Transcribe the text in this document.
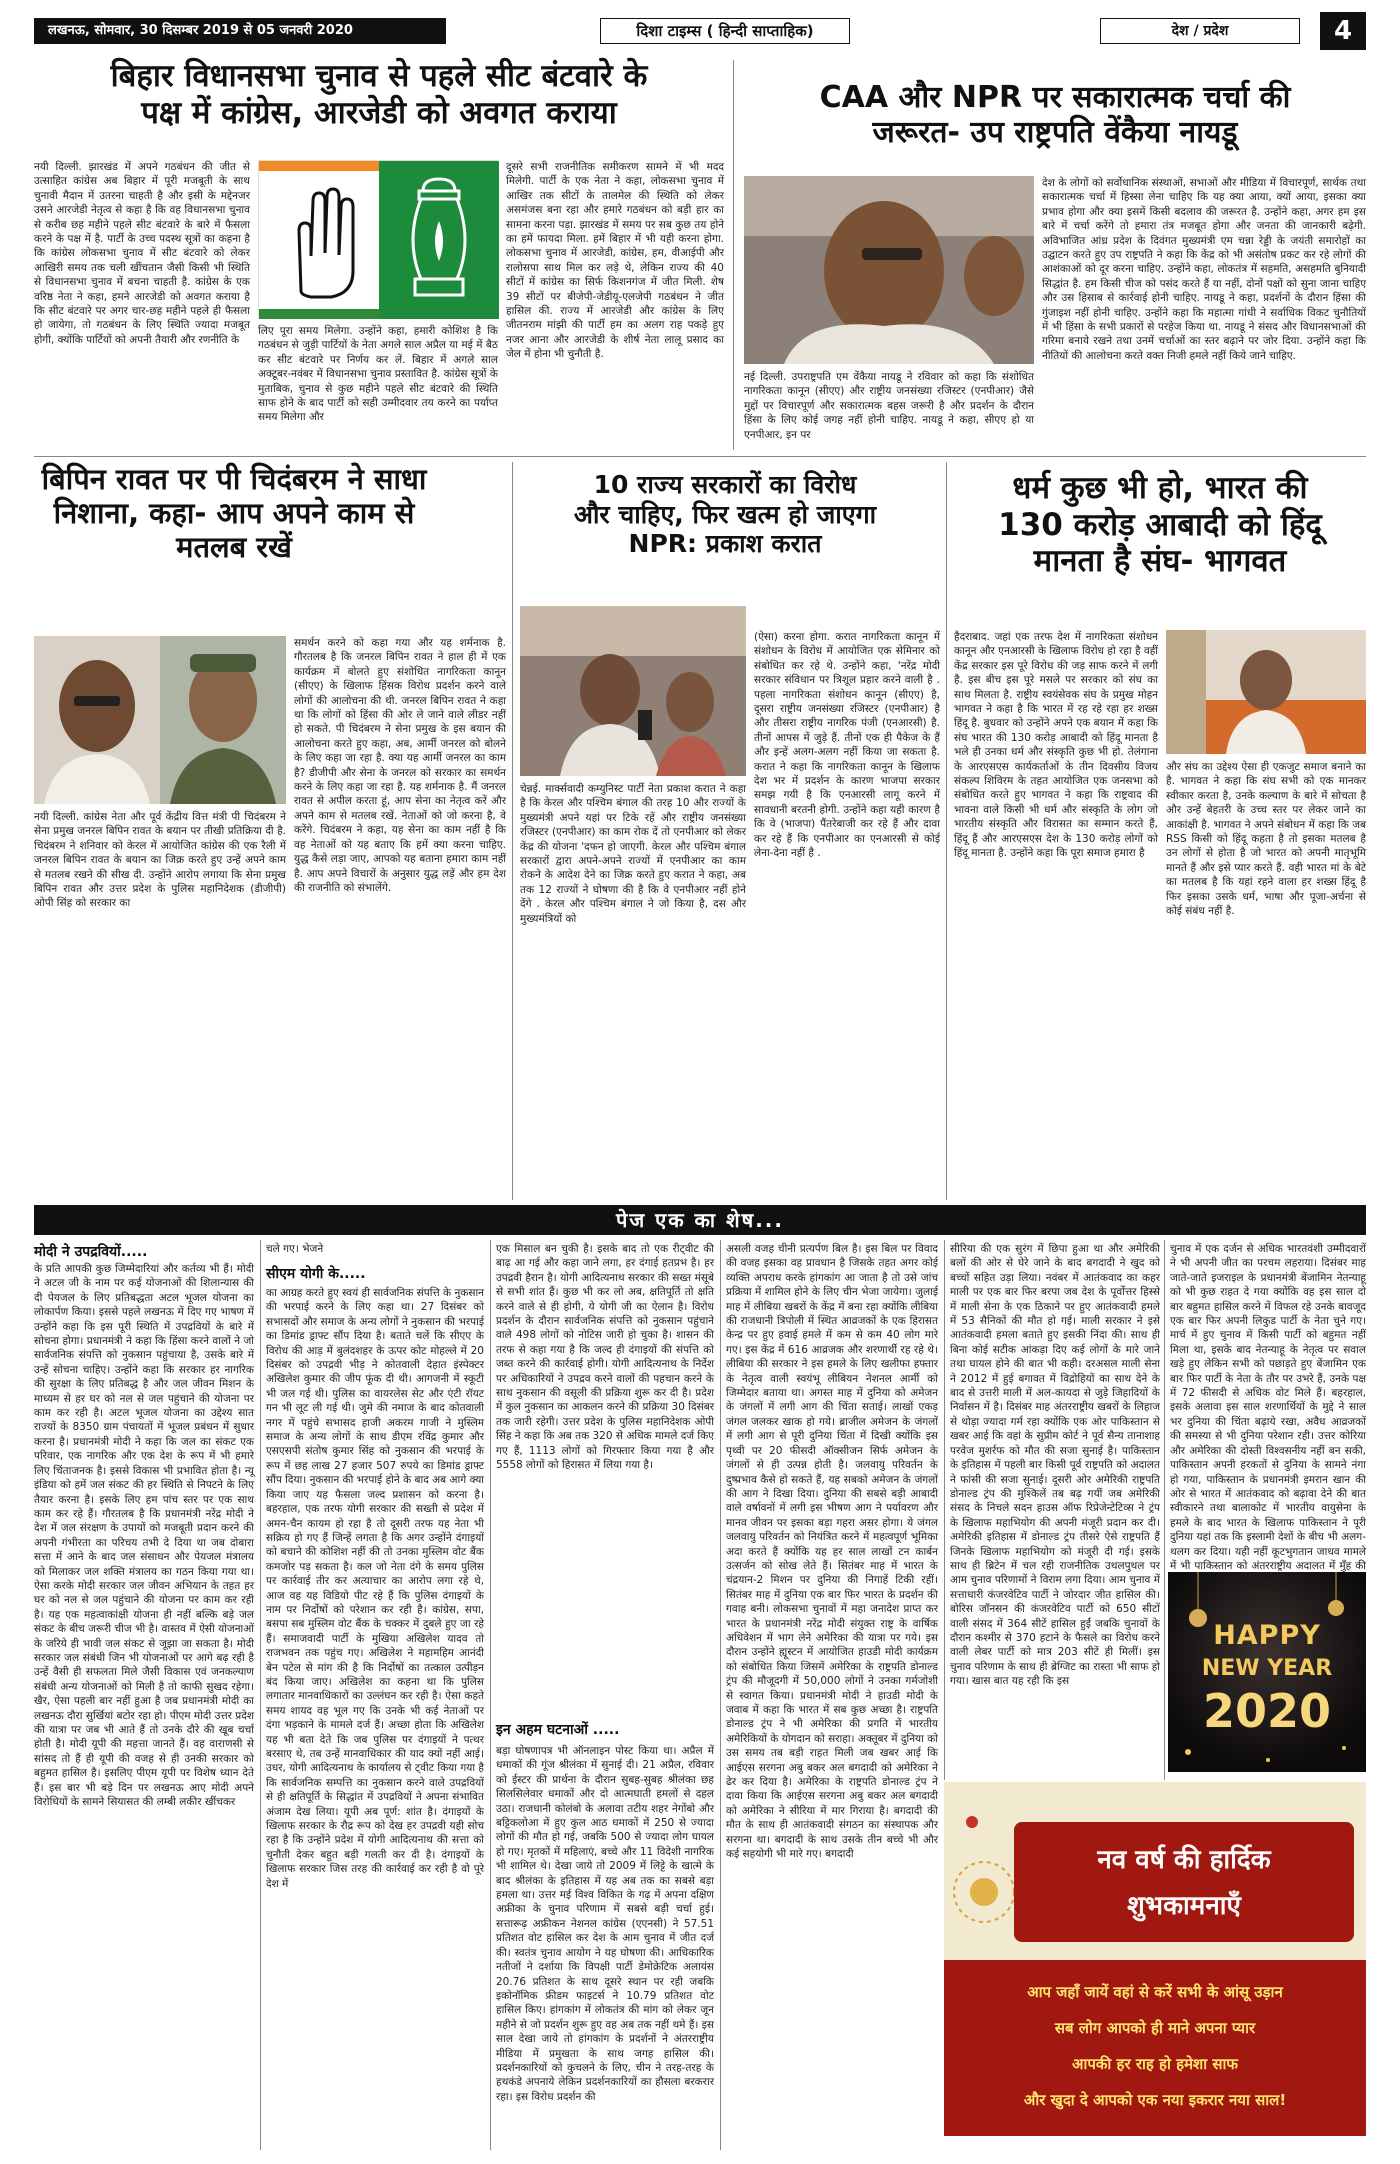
लखनऊ, सोमवार, 30 दिसम्बर 2019 से 05 जनवरी 2020	दिशा टाइम्स ( हिन्दी साप्ताहिक)	देश / प्रदेश	4
बिहार विधानसभा चुनाव से पहले सीट बंटवारे के
पक्ष में कांग्रेस, आरजेडी को अवगत कराया
नयी दिल्ली. झारखंड में अपने गठबंधन की जीत से उत्साहित कांग्रेस अब बिहार में पूरी मजबूती के साथ चुनावी मैदान में उतरना चाहती है और इसी के मद्देनजर उसने आरजेडी नेतृत्व से कहा है कि वह विधानसभा चुनाव से करीब छह महीने पहले सीट बंटवारे के बारे में फैसला करने के पक्ष में है. पार्टी के उच्च पदस्थ सूत्रों का कहना है कि कांग्रेस लोकसभा चुनाव में सीट बंटवारे को लेकर आखिरी समय तक चली खींचतान जैसी किसी भी स्थिति से विधानसभा चुनाव में बचना चाहती है. कांग्रेस के एक वरिष्ठ नेता ने कहा, हमने आरजेडी को अवगत कराया है कि सीट बंटवारे पर अगर चार-छह महीने पहले ही फैसला हो जायेगा, तो गठबंधन के लिए स्थिति ज्यादा मजबूत होगी, क्योंकि पार्टियों को अपनी तैयारी और रणनीति के
लिए पूरा समय मिलेगा. उन्होंने कहा, हमारी कोशिश है कि गठबंधन से जुड़ी पार्टियों के नेता अगले साल अप्रैल या मई में बैठ कर सीट बंटवारे पर निर्णय कर लें. बिहार में अगले साल अक्टूबर-नवंबर में विधानसभा चुनाव प्रस्तावित है. कांग्रेस सूत्रों के मुताबिक, चुनाव से कुछ महीने पहले सीट बंटवारे की स्थिति साफ होने के बाद पार्टी को सही उम्मीदवार तय करने का पर्याप्त समय मिलेगा और
दूसरे सभी राजनीतिक समीकरण सामने में भी मदद मिलेगी. पार्टी के एक नेता ने कहा, लोकसभा चुनाव में आखिर तक सीटों के तालमेल की स्थिति को लेकर असमंजस बना रहा और हमारे गठबंधन को बड़ी हार का सामना करना पड़ा. झारखंड में समय पर सब कुछ तय होने का हमें फायदा मिला. हमें बिहार में भी यही करना होगा. लोकसभा चुनाव में आरजेडी, कांग्रेस, हम, वीआईपी और रालोसपा साथ मिल कर लड़े थे, लेकिन राज्य की 40 सीटों में कांग्रेस का सिर्फ किशनगंज में जीत मिली. शेष 39 सीटों पर बीजेपी-जेडीयू-एलजेपी गठबंधन ने जीत हासिल की. राज्य में आरजेडी और कांग्रेस के लिए जीतनराम मांझी की पार्टी हम का अलग राह पकड़े हुए नजर आना और आरजेडी के शीर्ष नेता लालू प्रसाद का जेल में होना भी चुनौती है.
CAA और NPR पर सकारात्मक चर्चा की
जरूरत- उप राष्ट्रपति वेंकैया नायडू
नई दिल्ली. उपराष्ट्रपति एम वेंकैया नायडू ने रविवार को कहा कि संशोधित नागरिकता कानून (सीएए) और राष्ट्रीय जनसंख्या रजिस्टर (एनपीआर) जैसे मुद्दों पर विचारपूर्ण और सकारात्मक बहस जरूरी है और प्रदर्शन के दौरान हिंसा के लिए कोई जगह नहीं होनी चाहिए. नायडू ने कहा, सीएए हो या एनपीआर, इन पर
देश के लोगों को सर्वोधानिक संस्थाओं, सभाओं और मीडिया में विचारपूर्ण, सार्थक तथा सकारात्मक चर्चा में हिस्सा लेना चाहिए कि यह क्या आया, क्यों आया, इसका क्या प्रभाव होगा और क्या इसमें किसी बदलाव की जरूरत है. उन्होंने कहा, अगर हम इस बारे में चर्चा करेंगे तो हमारा तंत्र मजबूत होगा और जनता की जानकारी बढ़ेगी. अविभाजित आंध्र प्रदेश के दिवंगत मुख्यमंत्री एम चन्ना रेड्डी के जयंती समारोहों का उद्घाटन करते हुए उप राष्ट्रपति ने कहा कि केंद्र को भी असंतोष प्रकट कर रहे लोगों की आशंकाओं को दूर करना चाहिए. उन्होंने कहा, लोकतंत्र में सहमति, असहमति बुनियादी सिद्धांत है. हम किसी चीज को पसंद करते हैं या नहीं, दोनों पक्षों को सुना जाना चाहिए और उस हिसाब से कार्रवाई होनी चाहिए. नायडू ने कहा, प्रदर्शनों के दौरान हिंसा की गुंजाइश नहीं होनी चाहिए. उन्होंने कहा कि महात्मा गांधी ने सर्वाधिक विकट चुनौतियों में भी हिंसा के सभी प्रकारों से परहेज किया था. नायडू ने संसद और विधानसभाओं की गरिमा बनाये रखने तथा उनमें चर्चाओं का स्तर बढ़ाने पर जोर दिया. उन्होंने कहा कि नीतियों की आलोचना करते वक्त निजी हमले नहीं किये जाने चाहिए.
बिपिन रावत पर पी चिदंबरम ने साधा
निशाना, कहा- आप अपने काम से
मतलब रखें
नयी दिल्ली. कांग्रेस नेता और पूर्व केंद्रीय वित्त मंत्री पी चिदंबरम ने सेना प्रमुख जनरल बिपिन रावत के बयान पर तीखी प्रतिक्रिया दी है. चिदंबरम ने शनिवार को केरल में आयोजित कांग्रेस की एक रैली में जनरल बिपिन रावत के बयान का जिक्र करते हुए उन्हें अपने काम से मतलब रखने की सीख दी. उन्होंने आरोप लगाया कि सेना प्रमुख बिपिन रावत और उत्तर प्रदेश के पुलिस महानिदेशक (डीजीपी) ओपी सिंह को सरकार का
समर्थन करने को कहा गया और यह शर्मनाक है. गौरतलब है कि जनरल बिपिन रावत ने हाल ही में एक कार्यक्रम में बोलते हुए संशोधित नागरिकता कानून (सीएए) के खिलाफ हिंसक विरोध प्रदर्शन करने वाले लोगों की आलोचना की थी. जनरल बिपिन रावत ने कहा था कि लोगों को हिंसा की ओर ले जाने वाले लीडर नहीं हो सकते. पी चिदंबरम ने सेना प्रमुख के इस बयान की आलोचना करते हुए कहा, अब, आर्मी जनरल को बोलने के लिए कहा जा रहा है. क्या यह आर्मी जनरल का काम है? डीजीपी और सेना के जनरल को सरकार का समर्थन करने के लिए कहा जा रहा है. यह शर्मनाक है. मैं जनरल रावत से अपील करता हूं, आप सेना का नेतृत्व करें और अपने काम से मतलब रखें. नेताओं को जो करना है, वे करेंगे. चिदंबरम ने कहा, यह सेना का काम नहीं है कि वह नेताओं को यह बताए कि हमें क्या करना चाहिए. युद्ध कैसे लड़ा जाए, आपको यह बताना हमारा काम नहीं है. आप अपने विचारों के अनुसार युद्ध लड़ें और हम देश की राजनीति को संभालेंगे.
10 राज्य सरकारों का विरोध
और चाहिए, फिर खत्म हो जाएगा
NPR: प्रकाश करात
चेन्नई. मार्क्सवादी कम्युनिस्ट पार्टी नेता प्रकाश करात ने कहा है कि केरल और पश्चिम बंगाल की तरह 10 और राज्यों के मुख्यमंत्री अपने यहां पर टिके रहें और राष्ट्रीय जनसंख्या रजिस्टर (एनपीआर) का काम रोक दें तो एनपीआर को लेकर केंद्र की योजना 'दफन हो जाएगी. केरल और पश्चिम बंगाल सरकारों द्वारा अपने-अपने राज्यों में एनपीआर का काम रोकने के आदेश देने का जिक्र करते हुए करात ने कहा, अब तक 12 राज्यों ने घोषणा की है कि वे एनपीआर नहीं होने देंगे . केरल और पश्चिम बंगाल ने जो किया है, दस और मुख्यमंत्रियों को
(ऐसा) करना होगा. करात नागरिकता कानून में संशोधन के विरोध में आयोजित एक सेमिनार को संबोधित कर रहे थे. उन्होंने कहा, 'नरेंद्र मोदी सरकार संविधान पर त्रिशूल प्रहार करने वाली है . पहला नागरिकता संशोधन कानून (सीएए) है, दूसरा राष्ट्रीय जनसंख्या रजिस्टर (एनपीआर) है और तीसरा राष्ट्रीय नागरिक पंजी (एनआरसी) है. तीनों आपस में जुड़े हैं. तीनों एक ही पैकेज के हैं और इन्हें अलग-अलग नहीं किया जा सकता है. करात ने कहा कि नागरिकता कानून के खिलाफ देश भर में प्रदर्शन के कारण भाजपा सरकार समझ गयी है कि एनआरसी लागू करने में सावधानी बरतनी होगी. उन्होंने कहा यही कारण है कि वे (भाजपा) पैंतरेबाजी कर रहे हैं और दावा कर रहे हैं कि एनपीआर का एनआरसी से कोई लेना-देना नहीं है .
धर्म कुछ भी हो, भारत की
130 करोड़ आबादी को हिंदू
मानता है संघ- भागवत
हैदराबाद. जहां एक तरफ देश में नागरिकता संशोधन कानून और एनआरसी के खिलाफ विरोध हो रहा है वहीं केंद्र सरकार इस पूरे विरोध की जड़ साफ करने में लगी है. इस बीच इस पूरे मसले पर सरकार को संघ का साथ मिलता है. राष्ट्रीय स्वयंसेवक संघ के प्रमुख मोहन भागवत ने कहा है कि भारत में रह रहे रहा हर शख्स हिंदू है. बुधवार को उन्होंने अपने एक बयान में कहा कि संघ भारत की 130 करोड़ आबादी को हिंदू मानता है भले ही उनका धर्म और संस्कृति कुछ भी हो. तेलंगाना के आरएसएस कार्यकर्ताओं के तीन दिवसीय विजय संकल्प शिविरम के तहत आयोजित एक जनसभा को संबोधित करते हुए भागवत ने कहा कि राष्ट्रवाद की भावना वाले किसी भी धर्म और संस्कृति के लोग जो भारतीय संस्कृति और विरासत का सम्मान करते हैं, हिंदू हैं और आरएसएस देश के 130 करोड़ लोगों को हिंदू मानता है. उन्होंने कहा कि पूरा समाज हमारा है
और संघ का उद्देश्य ऐसा ही एकजुट समाज बनाने का है. भागवत ने कहा कि संघ सभी को एक मानकर स्वीकार करता है, उनके कल्याण के बारे में सोचता है और उन्हें बेहतरी के उच्च स्तर पर लेकर जाने का आकांक्षी है. भागवत ने अपने संबोधन में कहा कि जब RSS किसी को हिंदू कहता है तो इसका मतलब है उन लोगों से होता है जो भारत को अपनी मातृभूमि मानते हैं और इसे प्यार करते हैं. वही भारत मां के बेटे का मतलब है कि यहां रहने वाला हर शख्स हिंदू है फिर इसका उसके धर्म, भाषा और पूजा-अर्चना से कोई संबंध नहीं है.
पेज एक का शेष...
मोदी ने उपद्रवियों.....
के प्रति आपकी कुछ जिम्मेदारियां और कर्तव्य भी हैं। मोदी ने अटल जी के नाम पर कई योजनाओं की शिलान्यास की दी पेयजल के लिए प्रतिबद्धता अटल भूजल योजना का लोकार्पण किया। इससे पहले लखनऊ में दिए गए भाषण में उन्होंने कहा कि इस पूरी स्थिति में उपद्रवियों के बारे में सोचना होगा। प्रधानमंत्री ने कहा कि हिंसा करने वालों ने जो सार्वजनिक संपत्ति को नुकसान पहुंचाया है, उसके बारे में उन्हें सोचना चाहिए। उन्होंने कहा कि सरकार हर नागरिक की सुरक्षा के लिए प्रतिबद्ध है और जल जीवन मिशन के माध्यम से हर घर को नल से जल पहुंचाने की योजना पर काम कर रही है। अटल भूजल योजना का उद्देश्य सात राज्यों के 8350 ग्राम पंचायतों में भूजल प्रबंधन में सुधार करना है। प्रधानमंत्री मोदी ने कहा कि जल का संकट एक परिवार, एक नागरिक और एक देश के रूप में भी हमारे लिए चिंताजनक है। इससे विकास भी प्रभावित होता है। न्यू इंडिया को हमें जल संकट की हर स्थिति से निपटने के लिए तैयार करना है। इसके लिए हम पांच स्तर पर एक साथ काम कर रहे हैं। गौरतलब है कि प्रधानमंत्री नरेंद्र मोदी ने देश में जल संरक्षण के उपायों को मजबूती प्रदान करने की अपनी गंभीरता का परिचय तभी दे दिया था जब दोबारा सत्ता में आने के बाद जल संसाधन और पेयजल मंत्रालय को मिलाकर जल शक्ति मंत्रालय का गठन किया गया था। ऐसा करके मोदी सरकार जल जीवन अभियान के तहत हर घर को नल से जल पहुंचाने की योजना पर काम कर रही है। यह एक महत्वाकांक्षी योजना ही नहीं बल्कि बड़े जल संकट के बीच जरूरी चीज भी है। वास्तव में ऐसी योजनाओं के जरिये ही भावी जल संकट से जूझा जा सकता है। मोदी सरकार जल संबंधी जिन भी योजनाओं पर आगे बढ़ रही है उन्हें वैसी ही सफलता मिले जैसी विकास एवं जनकल्याण संबंधी अन्य योजनाओं को मिली है तो काफी सुखद रहेगा। खैर, ऐसा पहली बार नहीं हुआ है जब प्रधानमंत्री मोदी का लखनऊ दौरा सुर्खियां बटोर रहा हो। पीएम मोदी उत्तर प्रदेश की यात्रा पर जब भी आते हैं तो उनके दौरे की खूब चर्चा होती है। मोदी यूपी की महत्ता जानते हैं। वह वाराणसी से सांसद तो हैं ही यूपी की वजह से ही उनकी सरकार को बहुमत हासिल है। इसलिए पीएम यूपी पर विशेष ध्यान देते हैं। इस बार भी बड़े दिन पर लखनऊ आए मोदी अपने विरोधियों के सामने सियासत की लम्बी लकीर खींचकर
चले गए। भेजने
सीएम योगी के.....
का आग्रह करते हुए स्वयं ही सार्वजनिक संपत्ति के नुकसान की भरपाई करने के लिए कहा था। 27 दिसंबर को सभासदों और समाज के अन्य लोगों ने नुकसान की भरपाई का डिमांड ड्राफ्ट सौंप दिया है। बताते चलें कि सीएए के विरोध की आड़ में बुलंदशहर के ऊपर कोट मोहल्ले में 20 दिसंबर को उपद्रवी भीड़ ने कोतवाली देहात इंस्पेक्टर अखिलेश कुमार की जीप फूंक दी थी। आगजनी में स्कूटी भी जल गई थी। पुलिस का वायरलेस सेट और एंटी रॉयट गन भी लूट ली गई थी। जुमे की नमाज के बाद कोतवाली नगर में पहुंचे सभासद हाजी अकरम गाजी ने मुस्लिम समाज के अन्य लोगों के साथ डीएम रविंद्र कुमार और एसएसपी संतोष कुमार सिंह को नुकसान की भरपाई के रूप में छह लाख 27 हजार 507 रुपये का डिमांड ड्राफ्ट सौंप दिया। नुकसान की भरपाई होने के बाद अब आगे क्या किया जाए यह फैसला जल्द प्रशासन को करना है। बहरहाल, एक तरफ योगी सरकार की सख्ती से प्रदेश में अमन-चैन कायम हो रहा है तो दूसरी तरफ यह नेता भी सक्रिय हो गए हैं जिन्हें लगता है कि अगर उन्होंने दंगाइयों को बचाने की कोशिश नहीं की तो उनका मुस्लिम वोट बैंक कमजोर पड़ सकता है। कल जो नेता दंगे के समय पुलिस पर कार्रवाई तीर कर अत्याचार का आरोप लगा रहे थे, आज वह यह विडियो पीट रहे हैं कि पुलिस दंगाइयों के नाम पर निर्दोषों को परेशान कर रही है। कांग्रेस, सपा, बसपा सब मुस्लिम वोट बैंक के चक्कर में दुबले हुए जा रहे हैं। समाजवादी पार्टी के मुखिया अखिलेश यादव तो राजभवन तक पहुंच गए। अखिलेश ने महामहिम आनंदी बेन पटेल से मांग की है कि निर्दोषों का तत्काल उत्पीड़न बंद किया जाए। अखिलेश का कहना था कि पुलिस लगातार मानवाधिकारों का उल्लंघन कर रही है। ऐसा कहते समय शायद वह भूल गए कि उनके भी कई नेताओं पर दंगा भड़काने के मामले दर्ज हैं। अच्छा होता कि अखिलेश यह भी बता देते कि जब पुलिस पर दंगाइयों ने पत्थर बरसाए थे, तब उन्हें मानवाधिकार की याद क्यों नहीं आई। उधर, योगी आदित्यनाथ के कार्यालय से ट्वीट किया गया है कि सार्वजनिक सम्पत्ति का नुकसान करने वाले उपद्रवियों से ही क्षतिपूर्ति के सिद्धांत में उपद्रवियों ने अपना संभावित अंजाम देख लिया। यूपी अब पूर्ण: शांत है। दंगाइयों के खिलाफ सरकार के रौद्र रूप को देख हर उपद्रवी यही सोच रहा है कि उन्होंने प्रदेश में योगी आदित्यनाथ की सत्ता को चुनौती देकर बहुत बड़ी गलती कर दी है। दंगाइयों के खिलाफ सरकार जिस तरह की कार्रवाई कर रही है वो पूरे देश में
एक मिसाल बन चुकी है। इसके बाद तो एक रीट्वीट की बाढ़ आ गई और कहा जाने लगा, हर दंगाई हतप्रभ है। हर उपद्रवी हैरान है। योगी आदित्यनाथ सरकार की सख्त मंसूबे से सभी शांत हैं। कुछ भी कर लो अब, क्षतिपूर्ति तो क्षति करने वाले से ही होगी, ये योगी जी का ऐलान है। विरोध प्रदर्शन के दौरान सार्वजनिक संपत्ति को नुकसान पहुंचाने वाले 498 लोगों को नोटिस जारी हो चुका है। शासन की तरफ से कहा गया है कि जल्द ही दंगाइयों की संपत्ति को जब्त करने की कार्रवाई होगी। योगी आदित्यनाथ के निर्देश पर अधिकारियों ने उपद्रव करने वालों की पहचान करने के साथ नुकसान की वसूली की प्रक्रिया शुरू कर दी है। प्रदेश में कुल नुकसान का आकलन करने की प्रक्रिया 30 दिसंबर तक जारी रहेगी। उत्तर प्रदेश के पुलिस महानिदेशक ओपी सिंह ने कहा कि अब तक 320 से अधिक मामले दर्ज किए गए हैं, 1113 लोगों को गिरफ्तार किया गया है और 5558 लोगों को हिरासत में लिया गया है।
इन अहम घटनाओं .....
बड़ा घोषणापत्र भी ऑनलाइन पोस्ट किया था। अप्रैल में धमाकों की गूंज श्रीलंका में सुनाई दी। 21 अप्रैल, रविवार को ईस्टर की प्रार्थना के दौरान सुबह-सुबह श्रीलंका छह सिलसिलेवार धमाकों और दो आत्मघाती हमलों से दहल उठा। राजधानी कोलंबो के अलावा तटीय शहर नेगोंबो और बट्टिकलोआ में हुए कुल आठ धमाकों में 250 से ज्यादा लोगों की मौत हो गई, जबकि 500 से ज्यादा लोग घायल हो गए। मृतकों में महिलाएं, बच्चे और 11 विदेशी नागरिक भी शामिल थे। देखा जाये तो 2009 में लिट्टे के खात्मे के बाद श्रीलंका के इतिहास में यह अब तक का सबसे बड़ा हमला था। उत्तर मई विश्व विकित के गढ़ में अपना दक्षिण अफ्रीका के चुनाव परिणाम में सबसे बड़ी चर्चा हुई। सत्तारूढ़ अफ्रीकन नेशनल कांग्रेस (एएनसी) ने 57.51 प्रतिशत वोट हासिल कर देश के आम चुनाव में जीत दर्ज की। स्वतंत्र चुनाव आयोग ने यह घोषणा की। आधिकारिक नतीजों ने दर्शाया कि विपक्षी पार्टी डेमोक्रेटिक अलायंस 20.76 प्रतिशत के साथ दूसरे स्थान पर रही जबकि इकोनॉमिक फ्रीडम फाइटर्स ने 10.79 प्रतिशत वोट हासिल किए। हांगकांग में लोकतंत्र की मांग को लेकर जून महीने से जो प्रदर्शन शुरू हुए वह अब तक नहीं थमे हैं। इस साल देखा जाये तो हांगकांग के प्रदर्शनों ने अंतरराष्ट्रीय मीडिया में प्रमुखता के साथ जगह हासिल की। प्रदर्शनकारियों को कुचलने के लिए, चीन ने तरह-तरह के हथकंडे अपनाये लेकिन प्रदर्शनकारियों का हौसला बरकरार रहा। इस विरोध प्रदर्शन की
असली वजह चीनी प्रत्यर्पण बिल है। इस बिल पर विवाद की वजह इसका वह प्रावधान है जिसके तहत अगर कोई व्यक्ति अपराध करके हांगकांग आ जाता है तो उसे जांच प्रक्रिया में शामिल होने के लिए चीन भेजा जायेगा। जुलाई माह में लीबिया खबरों के केंद्र में बना रहा क्योंकि लीबिया की राजधानी त्रिपोली में स्थित आव्रजकों के एक हिरासत केन्द्र पर हुए हवाई हमले में कम से कम 40 लोग मारे गए। इस केंद्र में 616 आव्रजक और शरणार्थी रह रहे थे। लीबिया की सरकार ने इस हमले के लिए खलीफा हफ्तार के नेतृत्व वाली स्वयंभू लीबियन नेशनल आर्मी को जिम्मेदार बताया था। अगस्त माह में दुनिया को अमेजन के जंगलों में लगी आग की चिंता सताई। लाखों एकड़ जंगल जलकर खाक हो गये। ब्राजील अमेजन के जंगलों में लगी आग से पूरी दुनिया चिंता में दिखी क्योंकि इस पृथ्वी पर 20 फीसदी ऑक्सीजन सिर्फ अमेजन के जंगलों से ही उत्पन्न होती है। जलवायु परिवर्तन के दुष्प्रभाव कैसे हो सकते हैं, यह सबको अमेजन के जंगलों की आग ने दिखा दिया। दुनिया की सबसे बड़ी आबादी वाले वर्षावनों में लगी इस भीषण आग ने पर्यावरण और मानव जीवन पर इसका बड़ा गहरा असर होगा। ये जंगल जलवायु परिवर्तन को नियंत्रित करने में महत्वपूर्ण भूमिका अदा करते हैं क्योंकि यह हर साल लाखों टन कार्बन उत्सर्जन को सोख लेते हैं। सितंबर माह में भारत के चंद्रयान-2 मिशन पर दुनिया की निगाहें टिकी रहीं। सितंबर माह में दुनिया एक बार फिर भारत के प्रदर्शन की गवाह बनी। लोकसभा चुनावों में महा जनादेश प्राप्त कर भारत के प्रधानमंत्री नरेंद्र मोदी संयुक्त राष्ट्र के वार्षिक अधिवेशन में भाग लेने अमेरिका की यात्रा पर गये। इस दौरान उन्होंने ह्यूस्टन में आयोजित हाउडी मोदी कार्यक्रम को संबोधित किया जिसमें अमेरिका के राष्ट्रपति डोनाल्ड ट्रंप की मौजूदगी में 50,000 लोगों ने उनका गर्मजोशी से स्वागत किया। प्रधानमंत्री मोदी ने हाउडी मोदी के जवाब में कहा कि भारत में सब कुछ अच्छा है। राष्ट्रपति डोनाल्ड ट्रंप ने भी अमेरिका की प्रगति में भारतीय अमेरिकियों के योगदान को सराहा। अक्तूबर में दुनिया को उस समय तब बड़ी राहत मिली जब खबर आई कि आईएस सरगना अबु बकर अल बगदादी को अमेरिका ने ढेर कर दिया है। अमेरिका के राष्ट्रपति डोनाल्ड ट्रंप ने दावा किया कि आईएस सरगना अबु बकर अल बगदादी को अमेरिका ने सीरिया में मार गिराया है। बगदादी की मौत के साथ ही आतंकवादी संगठन का संस्थापक और सरगना था। बगदादी के साथ उसके तीन बच्चे भी और कई सहयोगी भी मारे गए। बगदादी
सीरिया की एक सुरंग में छिपा हुआ था और अमेरिकी बलों की ओर से घेरे जाने के बाद बगदादी ने खुद को बच्चों सहित उड़ा लिया। नवंबर में आतंकवाद का कहर माली पर एक बार फिर बरपा जब देश के पूर्वोत्तर हिस्से में माली सेना के एक ठिकाने पर हुए आतंकवादी हमले में 53 सैनिकों की मौत हो गई। माली सरकार ने इसे आतंकवादी हमला बताते हुए इसकी निंदा की। साथ ही बिना कोई सटीक आंकड़ा दिए कई लोगों के मारे जाने तथा घायल होने की बात भी कही। दरअसल माली सेना ने 2012 में हुई बगावत में विद्रोहियों का साथ देने के बाद से उत्तरी माली में अल-कायदा से जुड़े जिहादियों के निर्वासन में है। दिसंबर माह अंतरराष्ट्रीय खबरों के लिहाज से थोड़ा ज्यादा गर्म रहा क्योंकि एक ओर पाकिस्तान से खबर आई कि वहां के सुप्रीम कोर्ट ने पूर्व सैन्य तानाशाह परवेज मुशर्रफ को मौत की सजा सुनाई है। पाकिस्तान के इतिहास में पहली बार किसी पूर्व राष्ट्रपति को अदालत ने फांसी की सजा सुनाई। दूसरी ओर अमेरिकी राष्ट्रपति डोनाल्ड ट्रंप की मुश्किलें तब बढ़ गयीं जब अमेरिकी संसद के निचले सदन हाउस ऑफ रिप्रेजेन्टेटिव्स ने ट्रंप के खिलाफ महाभियोग की अपनी मंजूरी प्रदान कर दी। अमेरिकी इतिहास में डोनाल्ड ट्रंप तीसरे ऐसे राष्ट्रपति हैं जिनके खिलाफ महाभियोग को मंजूरी दी गई। इसके साथ ही ब्रिटेन में चल रही राजनीतिक उथलपुथल पर आम चुनाव परिणामों ने विराम लगा दिया। आम चुनाव में सत्ताधारी कंजरवेटिव पार्टी ने जोरदार जीत हासिल की। बोरिस जॉनसन की कंजरवेटिव पार्टी को 650 सीटों वाली संसद में 364 सीटें हासिल हुईं जबकि चुनावों के दौरान कश्मीर से 370 हटाने के फैसले का विरोध करने वाली लेबर पार्टी को मात्र 203 सीटें ही मिलीं। इस चुनाव परिणाम के साथ ही ब्रेग्जिट का रास्ता भी साफ हो गया। खास बात यह रही कि इस
चुनाव में एक दर्जन से अधिक भारतवंशी उम्मीदवारों ने भी अपनी जीत का परचम लहराया। दिसंबर माह जाते-जाते इजराइल के प्रधानमंत्री बेंजामिन नेतन्याहू को भी कुछ राहत दे गया क्योंकि वह इस साल दो बार बहुमत हासिल करने में विफल रहे उनके बावजूद एक बार फिर अपनी लिकुड पार्टी के नेता चुने गए। मार्च में हुए चुनाव में किसी पार्टी को बहुमत नहीं मिला था, इसके बाद नेतन्याहू के नेतृत्व पर सवाल खड़े हुए लेकिन सभी को पछाड़ते हुए बेंजामिन एक बार फिर पार्टी के नेता के तौर पर उभरे हैं, उनके पक्ष में 72 फीसदी से अधिक वोट मिले हैं। बहरहाल, इसके अलावा इस साल शरणार्थियों के मुद्दे ने साल भर दुनिया की चिंता बढ़ाये रखा, अवैध आव्रजकों की समस्या से भी दुनिया परेशान रही। उत्तर कोरिया और अमेरिका की दोस्ती विश्वसनीय नहीं बन सकी, पाकिस्तान अपनी हरकतों से दुनिया के सामने नंगा हो गया, पाकिस्तान के प्रधानमंत्री इमरान खान की ओर से भारत में आतंकवाद को बढ़ावा देने की बात स्वीकारने तथा बालाकोट में भारतीय वायुसेना के हमले के बाद भारत के खिलाफ पाकिस्तान ने पूरी दुनिया यहां तक कि इस्लामी देशों के बीच भी अलग-थलग कर दिया। यही नहीं कूटभुगतान जाधव मामले में भी पाकिस्तान को अंतरराष्ट्रीय अदालत में मुँह की
HAPPY
NEW YEAR
2020
नव वर्ष की हार्दिक
शुभकामनाएँ
आप जहाँ जायें वहां से करें सभी के आंसू उड़ान
सब लोग आपको ही माने अपना प्यार
आपकी हर राह हो हमेशा साफ
और खुदा दे आपको एक नया इकरार नया साल!
